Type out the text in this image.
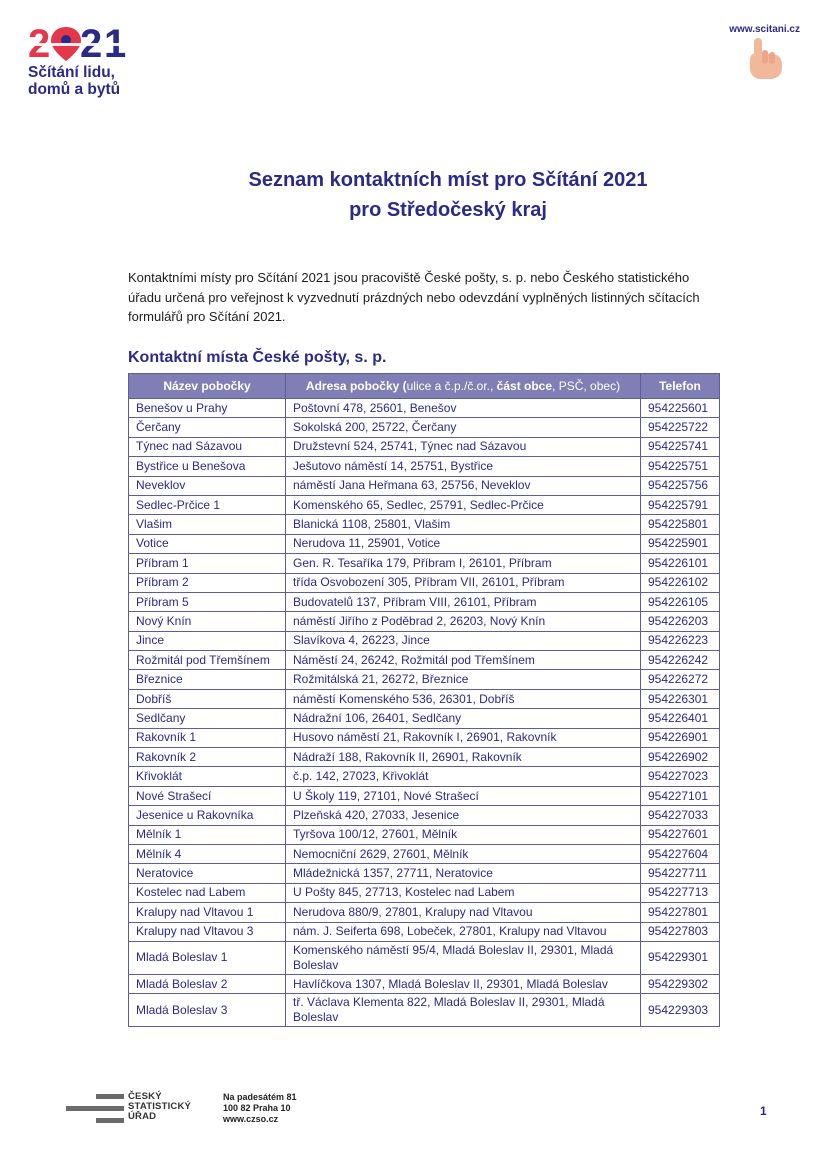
Sčítání lidu,
domů a bytů
www.scitani.cz
Seznam kontaktních míst pro Sčítání 2021
pro Středočeský kraj
Kontaktními místy pro Sčítání 2021 jsou pracoviště České pošty, s. p. nebo Českého statistického úřadu určená pro veřejnost k vyzvednutí prázdných nebo odevzdání vyplněných listinných sčítacích formulářů pro Sčítání 2021.
Kontaktní místa České pošty, s. p.
Název pobočky	Adresa pobočky (ulice a č.p./č.or., část obce, PSČ, obec)	Telefon
Benešov u Prahy	Poštovní 478, 25601, Benešov	954225601
Čerčany	Sokolská 200, 25722, Čerčany	954225722
Týnec nad Sázavou	Družstevní 524, 25741, Týnec nad Sázavou	954225741
Bystřice u Benešova	Ješutovo náměstí 14, 25751, Bystřice	954225751
Neveklov	náměstí Jana Heřmana 63, 25756, Neveklov	954225756
Sedlec-Prčice 1	Komenského 65, Sedlec, 25791, Sedlec-Prčice	954225791
Vlašim	Blanická 1108, 25801, Vlašim	954225801
Votice	Nerudova 11, 25901, Votice	954225901
Příbram 1	Gen. R. Tesaříka 179, Příbram I, 26101, Příbram	954226101
Příbram 2	třída Osvobození 305, Příbram VII, 26101, Příbram	954226102
Příbram 5	Budovatelů 137, Příbram VIII, 26101, Příbram	954226105
Nový Knín	náměstí Jiřího z Poděbrad 2, 26203, Nový Knín	954226203
Jince	Slavíkova 4, 26223, Jince	954226223
Rožmitál pod Třemšínem	Náměstí 24, 26242, Rožmitál pod Třemšínem	954226242
Březnice	Rožmitálská 21, 26272, Březnice	954226272
Dobříš	náměstí Komenského 536, 26301, Dobříš	954226301
Sedlčany	Nádražní 106, 26401, Sedlčany	954226401
Rakovník 1	Husovo náměstí 21, Rakovník I, 26901, Rakovník	954226901
Rakovník 2	Nádraží 188, Rakovník II, 26901, Rakovník	954226902
Křivoklát	č.p. 142, 27023, Křivoklát	954227023
Nové Strašecí	U Školy 119, 27101, Nové Strašecí	954227101
Jesenice u Rakovníka	Plzeňská 420, 27033, Jesenice	954227033
Mělník 1	Tyršova 100/12, 27601, Mělník	954227601
Mělník 4	Nemocniční 2629, 27601, Mělník	954227604
Neratovice	Mládežnická 1357, 27711, Neratovice	954227711
Kostelec nad Labem	U Pošty 845, 27713, Kostelec nad Labem	954227713
Kralupy nad Vltavou 1	Nerudova 880/9, 27801, Kralupy nad Vltavou	954227801
Kralupy nad Vltavou 3	nám. J. Seiferta 698, Lobeček, 27801, Kralupy nad Vltavou	954227803
Mladá Boleslav 1	Komenského náměstí 95/4, Mladá Boleslav II, 29301, Mladá Boleslav	954229301
Mladá Boleslav 2	Havlíčkova 1307, Mladá Boleslav II, 29301, Mladá Boleslav	954229302
Mladá Boleslav 3	tř. Václava Klementa 822, Mladá Boleslav II, 29301, Mladá Boleslav	954229303
ČESKÝ
STATISTICKÝ
ÚŘAD
Na padesátém 81
100 82 Praha 10
www.czso.cz
1
